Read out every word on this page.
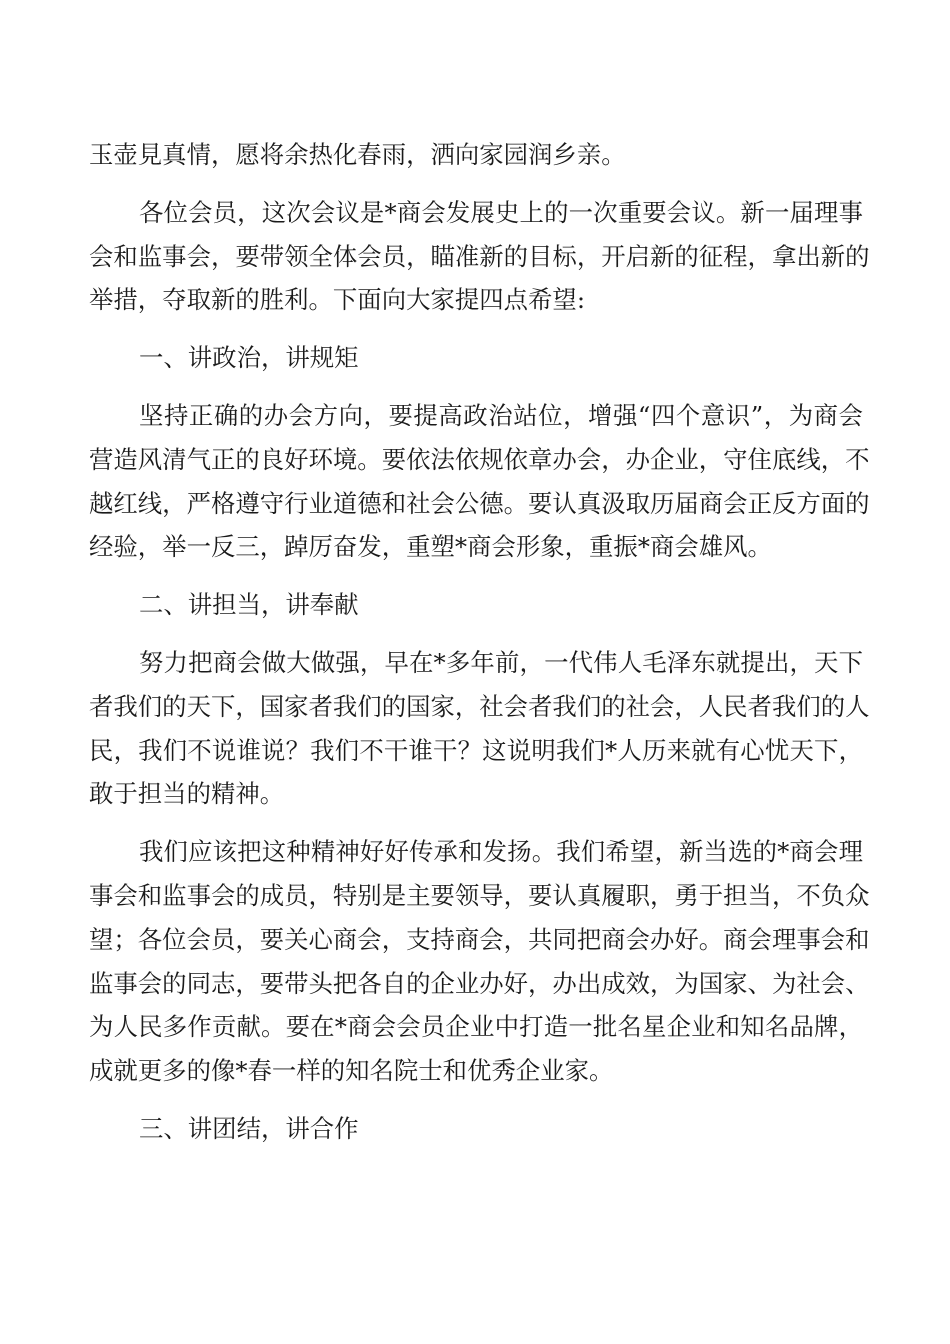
玉壶見真情，愿将余热化春雨，洒向家园润乡亲。
各位会员，这次会议是*商会发展史上的一次重要会议。新一届理事
会和监事会，要带领全体会员，瞄准新的目标，开启新的征程，拿出新的
举措，夺取新的胜利。下面向大家提四点希望:
一、讲政治，讲规矩
坚持正确的办会方向，要提高政治站位，增强“四个意识”，为商会
营造风清气正的良好环境。要依法依规依章办会，办企业，守住底线，不
越红线，严格遵守行业道德和社会公德。要认真汲取历届商会正反方面的
经验，举一反三，踔厉奋发，重塑*商会形象，重振*商会雄风。
二、讲担当，讲奉献
努力把商会做大做强，早在*多年前，一代伟人毛泽东就提出，天下
者我们的天下，国家者我们的国家，社会者我们的社会，人民者我们的人
民，我们不说谁说？我们不干谁干？这说明我们*人历来就有心忧天下，
敢于担当的精神。
我们应该把这种精神好好传承和发扬。我们希望，新当选的*商会理
事会和监事会的成员，特别是主要领导，要认真履职，勇于担当，不负众
望；各位会员，要关心商会，支持商会，共同把商会办好。商会理事会和
监事会的同志，要带头把各自的企业办好，办出成效，为国家、为社会、
为人民多作贡献。要在*商会会员企业中打造一批名星企业和知名品牌，
成就更多的像*春一样的知名院士和优秀企业家。
三、讲团结，讲合作
